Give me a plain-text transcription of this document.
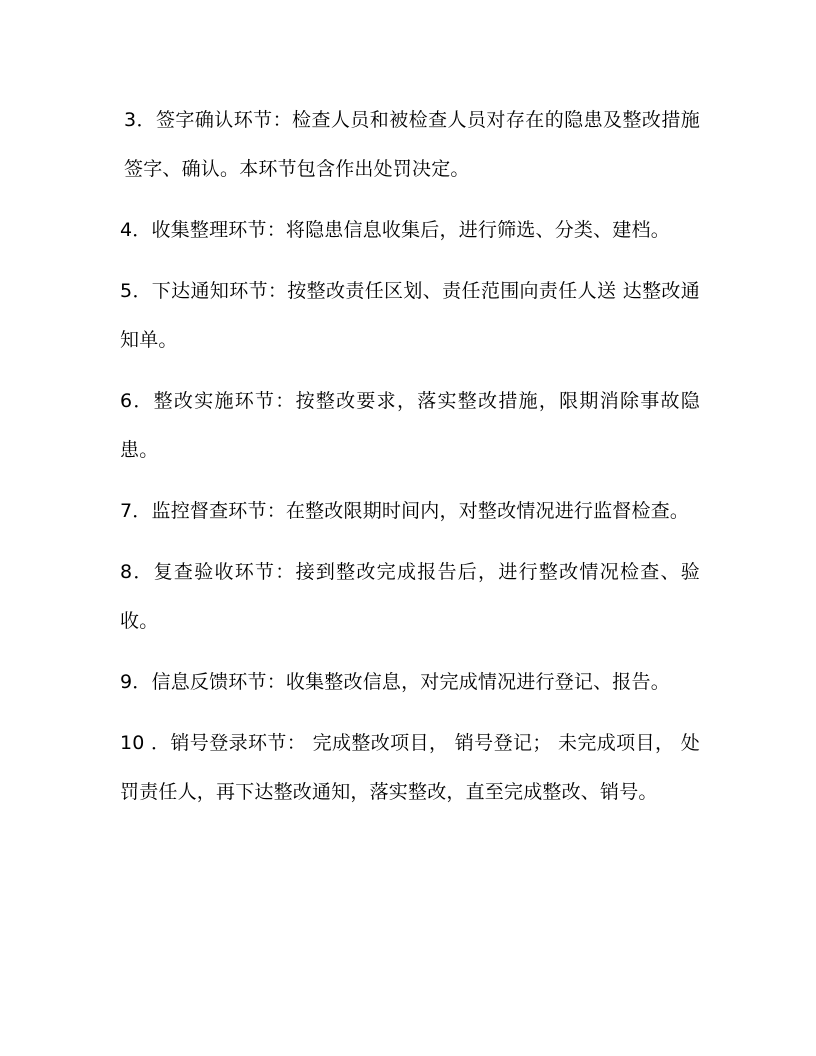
3．签字确认环节：检查人员和被检查人员对存在的隐患及整改措施签字、确认。本环节包含作出处罚决定。

4．收集整理环节：将隐患信息收集后，进行筛选、分类、建档。

5．下达通知环节：按整改责任区划、责任范围向责任人送 达整改通知单。

6．整改实施环节：按整改要求，落实整改措施，限期消除事故隐患。

7．监控督查环节：在整改限期时间内，对整改情况进行监督检查。

8．复查验收环节：接到整改完成报告后，进行整改情况检查、验收。

9．信息反馈环节：收集整改信息，对完成情况进行登记、报告。

10 ．销号登录环节： 完成整改项目， 销号登记； 未完成项目， 处罚责任人，再下达整改通知，落实整改，直至完成整改、销号。
